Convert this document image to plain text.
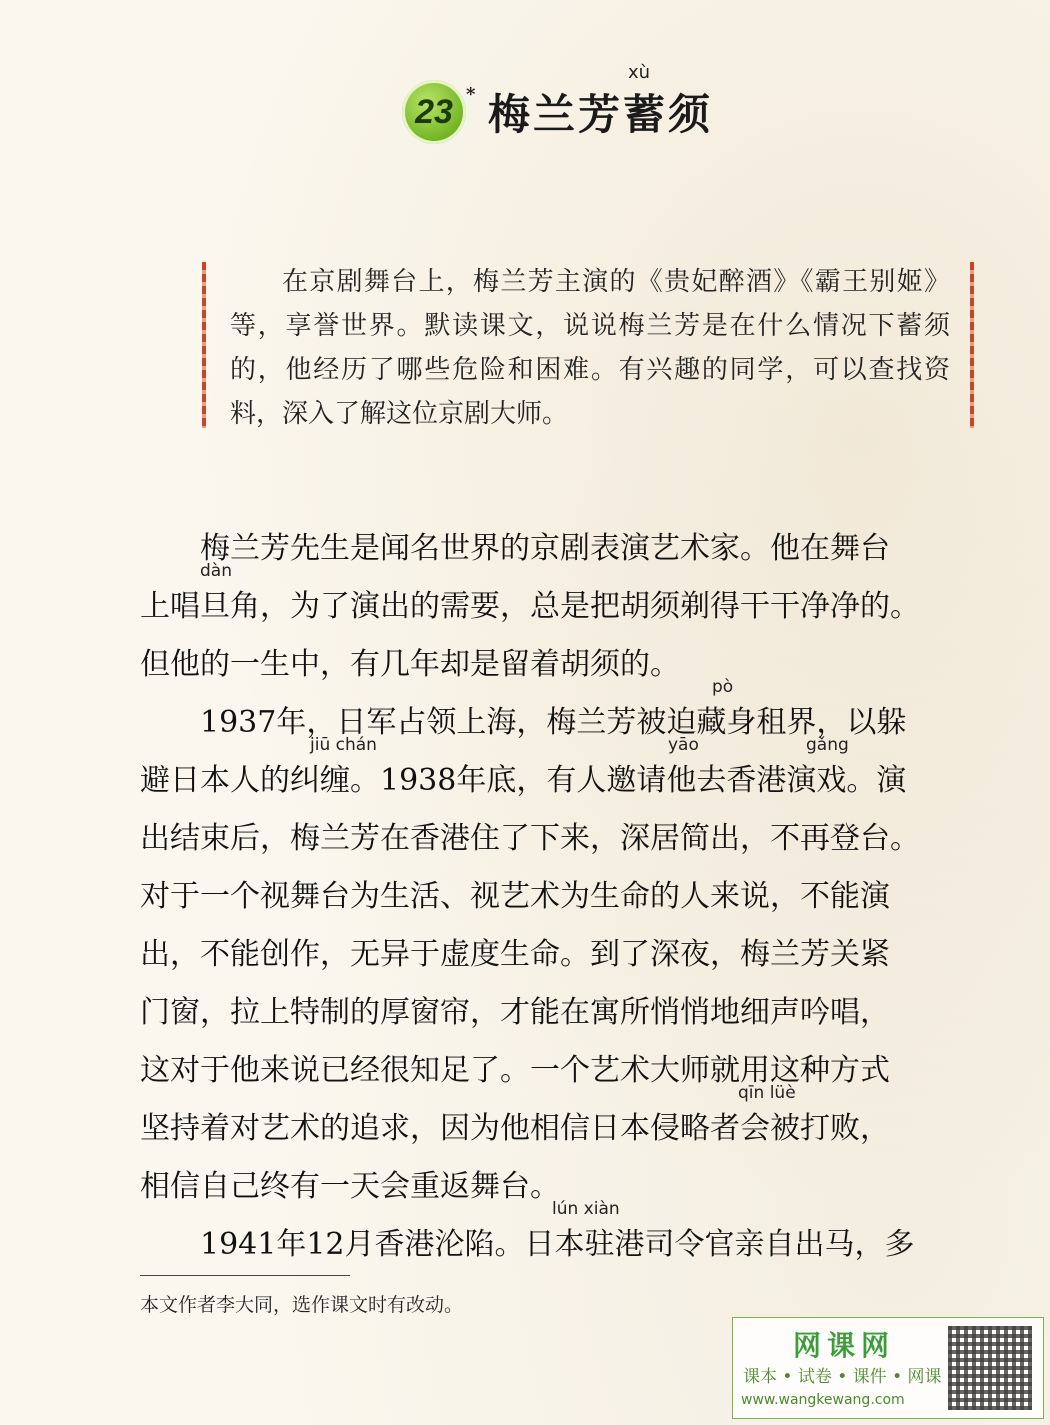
23 *
xù
梅兰芳蓄须
在京剧舞台上，梅兰芳主演的《贵妃醉酒》《霸王别姬》等，享誉世界。默读课文，说说梅兰芳是在什么情况下蓄须的，他经历了哪些危险和困难。有兴趣的同学，可以查找资料，深入了解这位京剧大师。
梅兰芳先生是闻名世界的京剧表演艺术家。他在舞台
dàn
上唱旦角，为了演出的需要，总是把胡须剃得干干净净的。
但他的一生中，有几年却是留着胡须的。
pò
1937年，日军占领上海，梅兰芳被迫藏身租界，以躲
jiū chán	yāo	gǎng
避日本人的纠缠。1938年底，有人邀请他去香港演戏。演
出结束后，梅兰芳在香港住了下来，深居简出，不再登台。
对于一个视舞台为生活、视艺术为生命的人来说，不能演
出，不能创作，无异于虚度生命。到了深夜，梅兰芳关紧
门窗，拉上特制的厚窗帘，才能在寓所悄悄地细声吟唱，
这对于他来说已经很知足了。一个艺术大师就用这种方式
qīn lüè
坚持着对艺术的追求，因为他相信日本侵略者会被打败，
相信自己终有一天会重返舞台。
lún xiàn
1941年12月香港沦陷。日本驻港司令官亲自出马，多
本文作者李大同，选作课文时有改动。
网课网
课本 • 试卷 • 课件 • 网课
www.wangkewang.com
